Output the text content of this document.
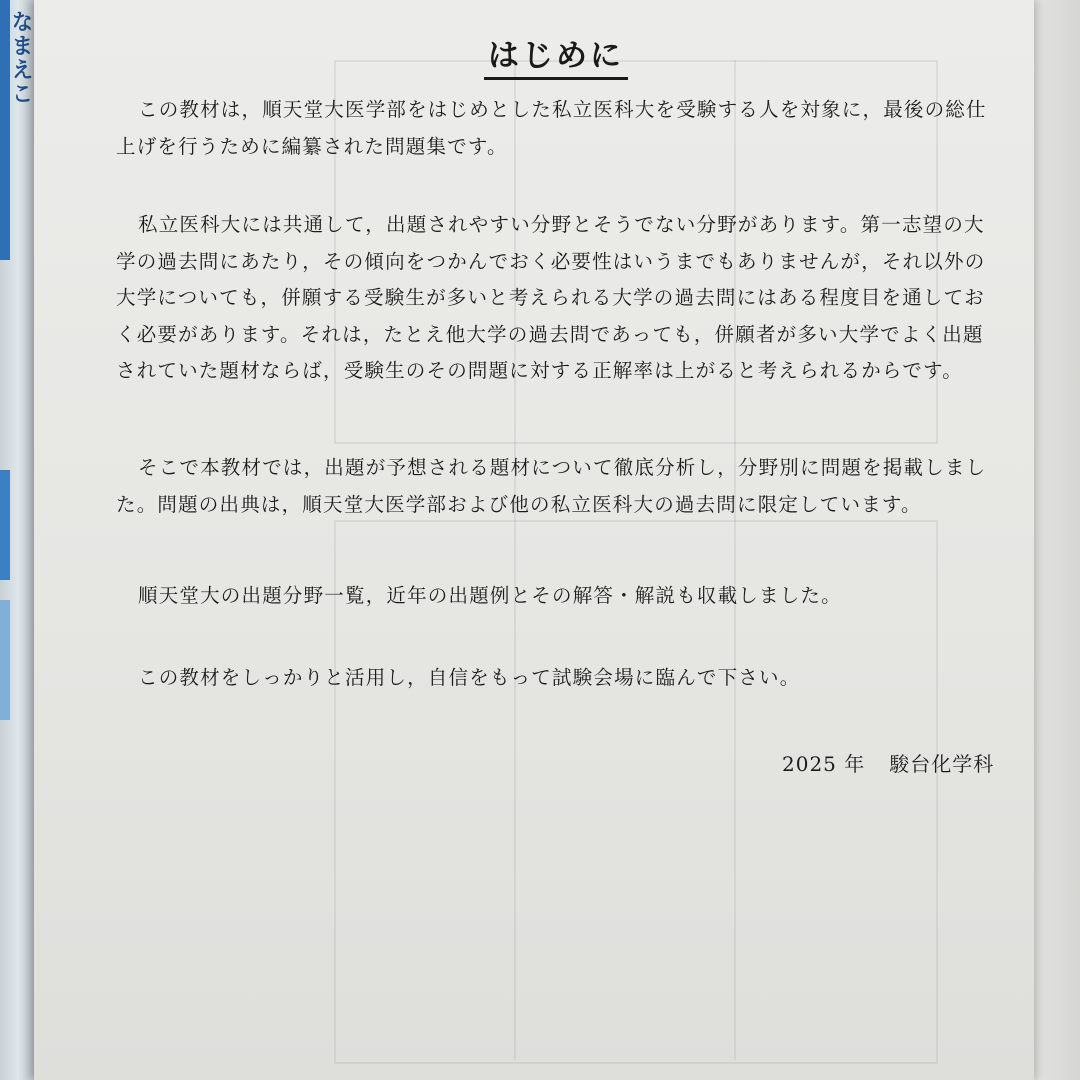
なまえこ	はじめに

この教材は，順天堂大医学部をはじめとした私立医科大を受験する人を対象に，最後の総仕上げを行うために編纂された問題集です。

私立医科大には共通して，出題されやすい分野とそうでない分野があります。第一志望の大学の過去問にあたり，その傾向をつかんでおく必要性はいうまでもありませんが，それ以外の大学についても，併願する受験生が多いと考えられる大学の過去問にはある程度目を通しておく必要があります。それは，たとえ他大学の過去問であっても，併願者が多い大学でよく出題されていた題材ならば，受験生のその問題に対する正解率は上がると考えられるからです。

そこで本教材では，出題が予想される題材について徹底分析し，分野別に問題を掲載しました。問題の出典は，順天堂大医学部および他の私立医科大の過去問に限定しています。

順天堂大の出題分野一覧，近年の出題例とその解答・解説も収載しました。

この教材をしっかりと活用し，自信をもって試験会場に臨んで下さい。

2025 年 駿台化学科
